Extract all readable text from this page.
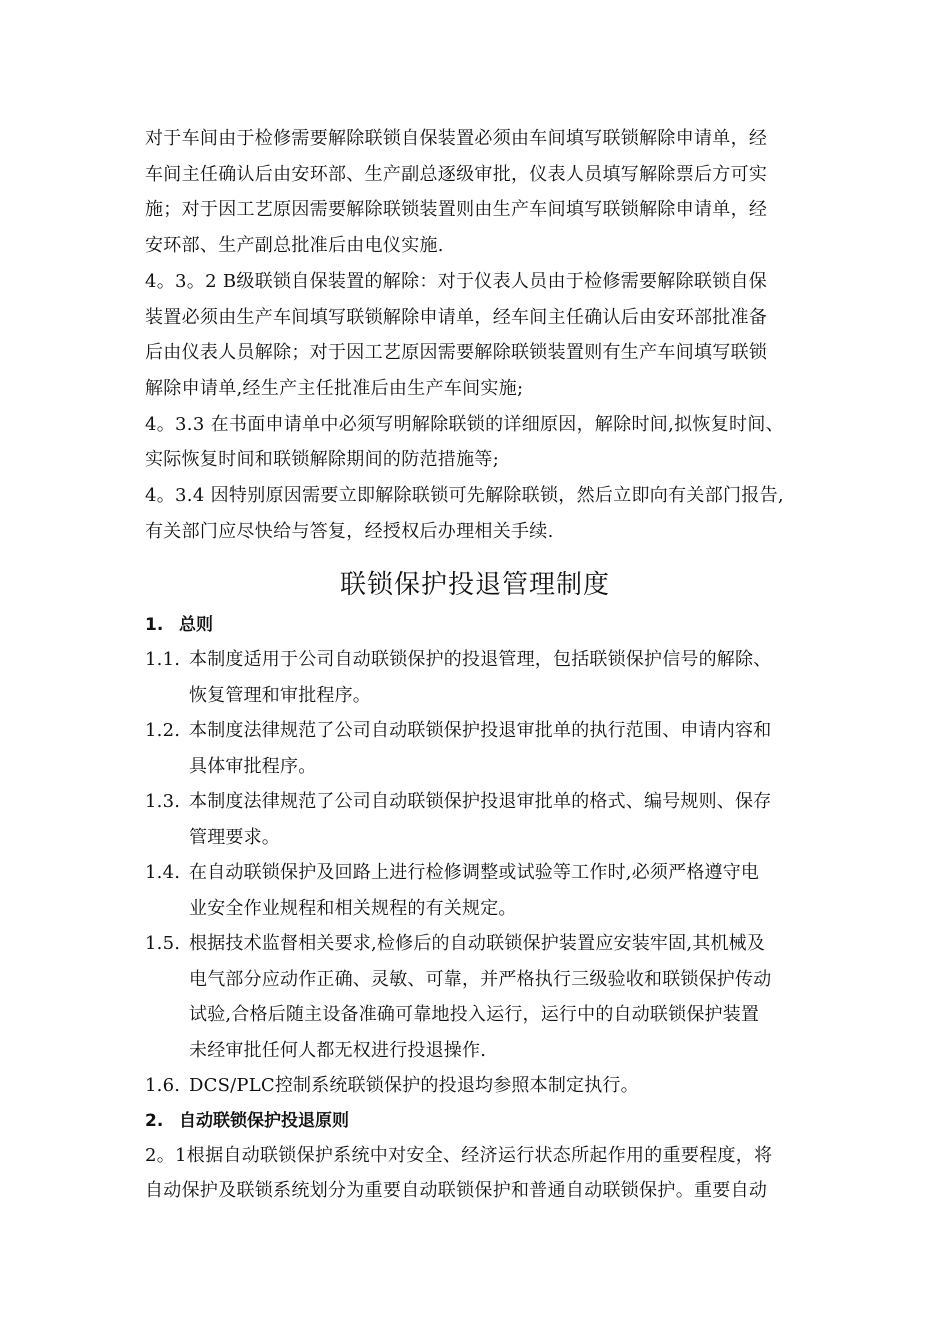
对于车间由于检修需要解除联锁自保装置必须由车间填写联锁解除申请单，经
车间主任确认后由安环部、生产副总逐级审批，仪表人员填写解除票后方可实
施；对于因工艺原因需要解除联锁装置则由生产车间填写联锁解除申请单，经
安环部、生产副总批准后由电仪实施.
4。3。2 B级联锁自保装置的解除：对于仪表人员由于检修需要解除联锁自保
装置必须由生产车间填写联锁解除申请单，经车间主任确认后由安环部批准备
后由仪表人员解除；对于因工艺原因需要解除联锁装置则有生产车间填写联锁
解除申请单,经生产主任批准后由生产车间实施;
4。3.3 在书面申请单中必须写明解除联锁的详细原因，解除时间,拟恢复时间、
实际恢复时间和联锁解除期间的防范措施等;
4。3.4 因特别原因需要立即解除联锁可先解除联锁，然后立即向有关部门报告,
有关部门应尽快给与答复，经授权后办理相关手续.
联锁保护投退管理制度
1. 总则
1.1. 本制度适用于公司自动联锁保护的投退管理，包括联锁保护信号的解除、
恢复管理和审批程序。
1.2. 本制度法律规范了公司自动联锁保护投退审批单的执行范围、申请内容和
具体审批程序。
1.3. 本制度法律规范了公司自动联锁保护投退审批单的格式、编号规则、保存
管理要求。
1.4. 在自动联锁保护及回路上进行检修调整或试验等工作时,必须严格遵守电
业安全作业规程和相关规程的有关规定。
1.5. 根据技术监督相关要求,检修后的自动联锁保护装置应安装牢固,其机械及
电气部分应动作正确、灵敏、可靠，并严格执行三级验收和联锁保护传动
试验,合格后随主设备准确可靠地投入运行，运行中的自动联锁保护装置
未经审批任何人都无权进行投退操作.
1.6. DCS/PLC控制系统联锁保护的投退均参照本制定执行。
2. 自动联锁保护投退原则
2。1根据自动联锁保护系统中对安全、经济运行状态所起作用的重要程度，将
自动保护及联锁系统划分为重要自动联锁保护和普通自动联锁保护。重要自动
